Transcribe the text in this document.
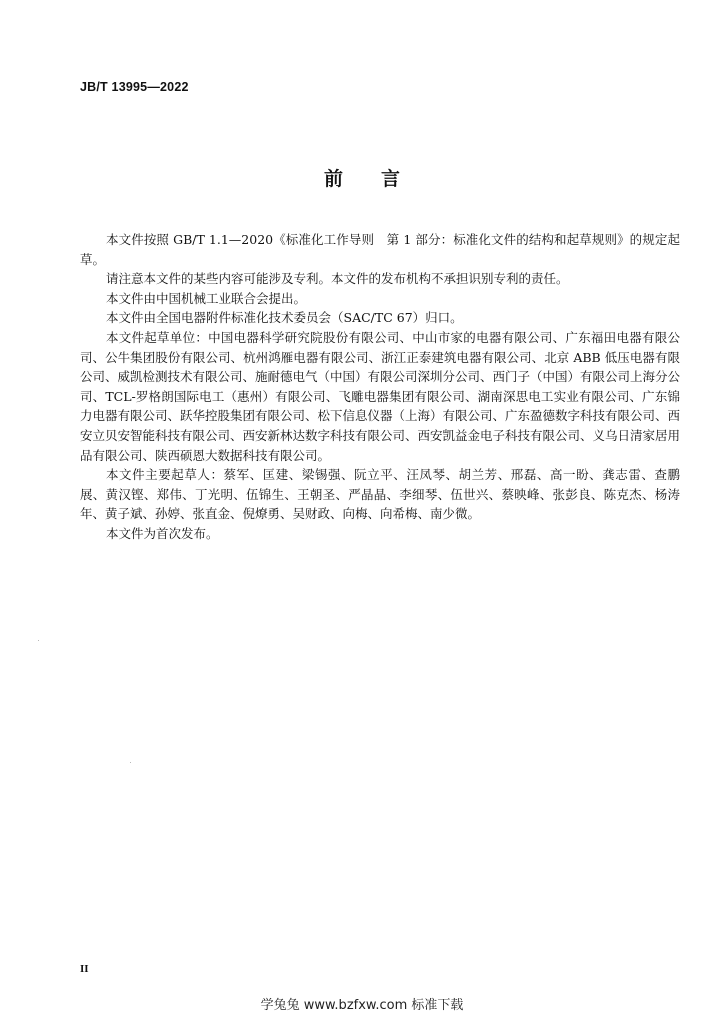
JB/T 13995—2022
前言

本文件按照 GB/T 1.1—2020《标准化工作导则　第 1 部分：标准化文件的结构和起草规则》的规定起草。

请注意本文件的某些内容可能涉及专利。本文件的发布机构不承担识别专利的责任。

本文件由中国机械工业联合会提出。

本文件由全国电器附件标准化技术委员会（SAC/TC 67）归口。

本文件起草单位：中国电器科学研究院股份有限公司、中山市家的电器有限公司、广东福田电器有限公司、公牛集团股份有限公司、杭州鸿雁电器有限公司、浙江正泰建筑电器有限公司、北京 ABB 低压电器有限公司、威凯检测技术有限公司、施耐德电气（中国）有限公司深圳分公司、西门子（中国）有限公司上海分公司、TCL-罗格朗国际电工（惠州）有限公司、飞雕电器集团有限公司、湖南深思电工实业有限公司、广东锦力电器有限公司、跃华控股集团有限公司、松下信息仪器（上海）有限公司、广东盈德数字科技有限公司、西安立贝安智能科技有限公司、西安新林达数字科技有限公司、西安凯益金电子科技有限公司、义乌日清家居用品有限公司、陕西硕恩大数据科技有限公司。

本文件主要起草人：蔡军、匡建、梁锡强、阮立平、汪凤琴、胡兰芳、邢磊、高一盼、龚志雷、查鹏展、黄汉铿、郑伟、丁光明、伍锦生、王朝圣、严晶晶、李细琴、伍世兴、蔡映峰、张彭良、陈克杰、杨涛年、黄子斌、孙婷、张直金、倪燎勇、吴财政、向梅、向希梅、南少微。

本文件为首次发布。

II
学兔兔 www.bzfxw.com 标准下载
